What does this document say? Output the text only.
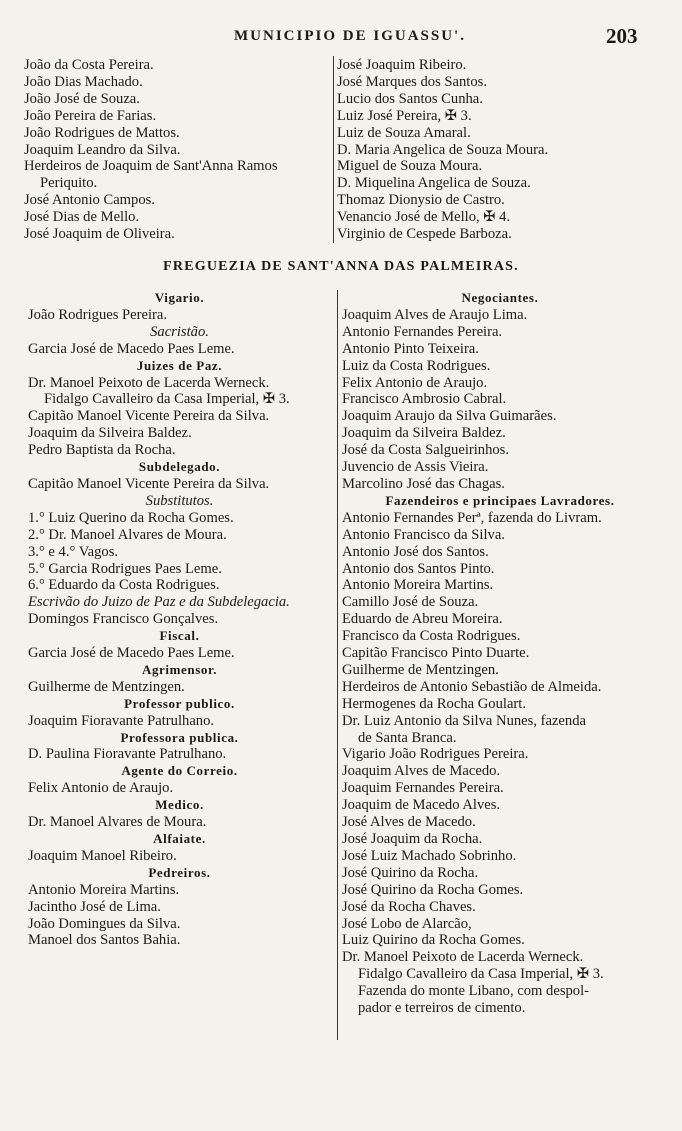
MUNICIPIO DE IGUASSU'.	203
João da Costa Pereira.
João Dias Machado.
João José de Souza.
João Pereira de Farias.
João Rodrigues de Mattos.
Joaquim Leandro da Silva.
Herdeiros de Joaquim de Sant'Anna Ramos
Periquito.
José Antonio Campos.
José Dias de Mello.
José Joaquim de Oliveira.
José Joaquim Ribeiro.
José Marques dos Santos.
Lucio dos Santos Cunha.
Luiz José Pereira, ✠ 3.
Luiz de Souza Amaral.
D. Maria Angelica de Souza Moura.
Miguel de Souza Moura.
D. Miquelina Angelica de Souza.
Thomaz Dionysio de Castro.
Venancio José de Mello, ✠ 4.
Virginio de Cespede Barboza.
FREGUEZIA DE SANT'ANNA DAS PALMEIRAS.
Vigario.
João Rodrigues Pereira.
Sacristão.
Garcia José de Macedo Paes Leme.
Juizes de Paz.
Dr. Manoel Peixoto de Lacerda Werneck.
Fidalgo Cavalleiro da Casa Imperial, ✠ 3.
Capitão Manoel Vicente Pereira da Silva.
Joaquim da Silveira Baldez.
Pedro Baptista da Rocha.
Subdelegado.
Capitão Manoel Vicente Pereira da Silva.
Substitutos.
1.° Luiz Querino da Rocha Gomes.
2.° Dr. Manoel Alvares de Moura.
3.° e 4.° Vagos.
5.° Garcia Rodrigues Paes Leme.
6.° Eduardo da Costa Rodrigues.
Escrivão do Juizo de Paz e da Subdelegacia.
Domingos Francisco Gonçalves.
Fiscal.
Garcia José de Macedo Paes Leme.
Agrimensor.
Guilherme de Mentzingen.
Professor publico.
Joaquim Fioravante Patrulhano.
Professora publica.
D. Paulina Fioravante Patrulhano.
Agente do Correio.
Felix Antonio de Araujo.
Medico.
Dr. Manoel Alvares de Moura.
Alfaiate.
Joaquim Manoel Ribeiro.
Pedreiros.
Antonio Moreira Martins.
Jacintho José de Lima.
João Domingues da Silva.
Manoel dos Santos Bahia.
Negociantes.
Joaquim Alves de Araujo Lima.
Antonio Fernandes Pereira.
Antonio Pinto Teixeira.
Luiz da Costa Rodrigues.
Felix Antonio de Araujo.
Francisco Ambrosio Cabral.
Joaquim Araujo da Silva Guimarães.
Joaquim da Silveira Baldez.
José da Costa Salgueirinhos.
Juvencio de Assis Vieira.
Marcolino José das Chagas.
Fazendeiros e principaes Lavradores.
Antonio Fernandes Perª, fazenda do Livram.
Antonio Francisco da Silva.
Antonio José dos Santos.
Antonio dos Santos Pinto.
Antonio Moreira Martins.
Camillo José de Souza.
Eduardo de Abreu Moreira.
Francisco da Costa Rodrigues.
Capitão Francisco Pinto Duarte.
Guilherme de Mentzingen.
Herdeiros de Antonio Sebastião de Almeida.
Hermogenes da Rocha Goulart.
Dr. Luiz Antonio da Silva Nunes, fazenda
de Santa Branca.
Vigario João Rodrigues Pereira.
Joaquim Alves de Macedo.
Joaquim Fernandes Pereira.
Joaquim de Macedo Alves.
José Alves de Macedo.
José Joaquim da Rocha.
José Luiz Machado Sobrinho.
José Quirino da Rocha.
José Quirino da Rocha Gomes.
José da Rocha Chaves.
José Lobo de Alarcão,
Luiz Quirino da Rocha Gomes.
Dr. Manoel Peixoto de Lacerda Werneck.
Fidalgo Cavalleiro da Casa Imperial, ✠ 3.
Fazenda do monte Libano, com despol-
pador e terreiros de cimento.
